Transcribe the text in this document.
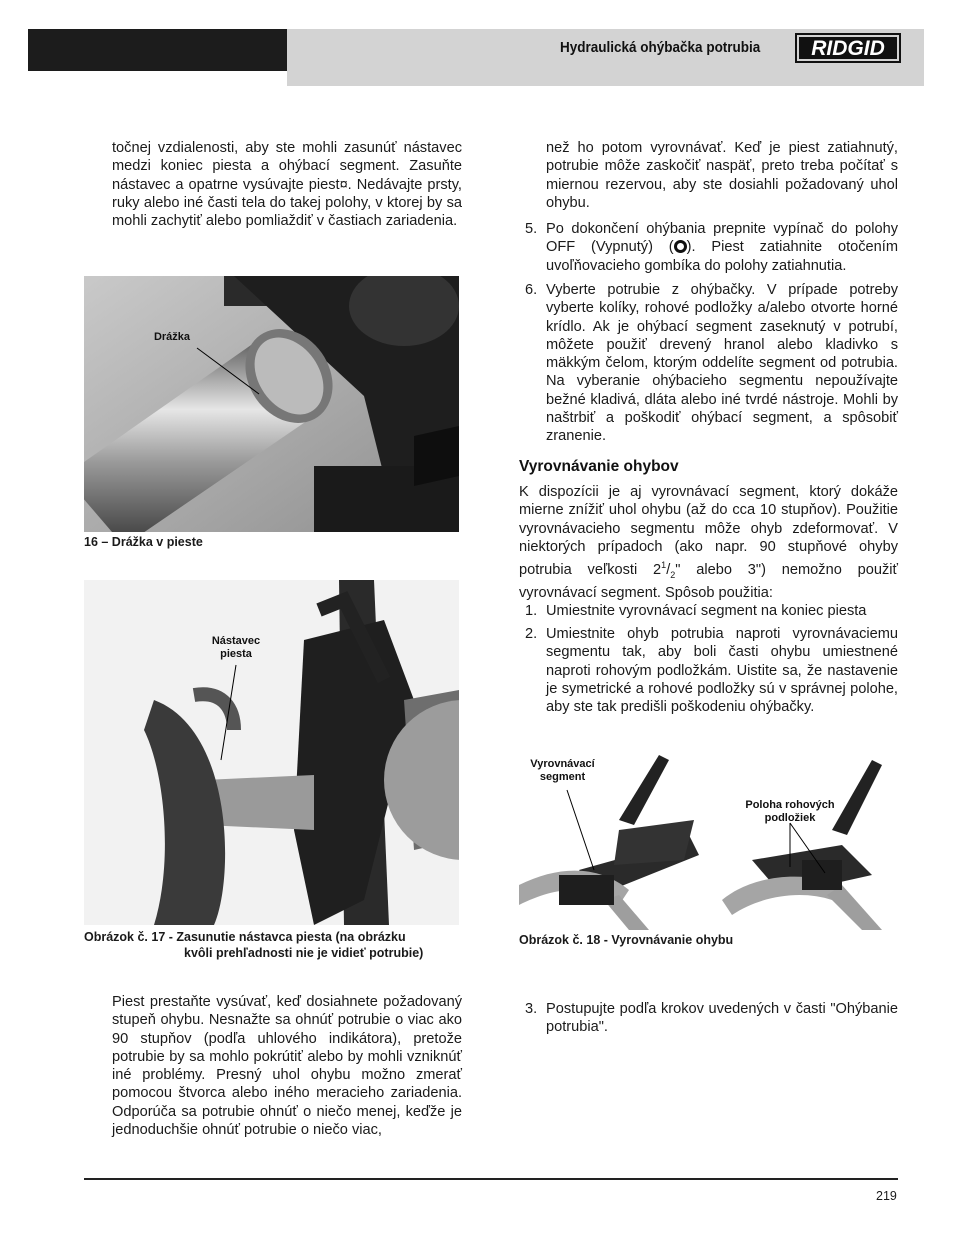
Hydraulická ohýbačka potrubia RIDGID

točnej vzdialenosti, aby ste mohli zasunúť nástavec medzi koniec piesta a ohýbací segment. Zasuňte nástavec a opatrne vysúvajte piest¤. Nedávajte prsty, ruky alebo iné časti tela do takej polohy, v ktorej by sa mohli zachytiť alebo pomliaždiť v častiach zariadenia.

Drážka
16 – Drážka v pieste
Nástavec piesta
Obrázok č. 17 - Zasunutie nástavca piesta (na obrázku
kvôli prehľadnosti nie je vidieť potrubie)

Piest prestaňte vysúvať, keď dosiahnete požadovaný stupeň ohybu. Nesnažte sa ohnúť potrubie o viac ako 90 stupňov (podľa uhlového indikátora), pretože potrubie by sa mohlo pokrútiť alebo by mohli vzniknúť iné problémy. Presný uhol ohybu možno zmerať pomocou štvorca alebo iného meracieho zariadenia. Odporúča sa potrubie ohnúť o niečo menej, keďže je jednoduchšie ohnúť potrubie o niečo viac,

než ho potom vyrovnávať. Keď je piest zatiahnutý, potrubie môže zaskočiť naspäť, preto treba počítať s miernou rezervou, aby ste dosiahli požadovaný uhol ohybu.

5. Po dokončení ohýbania prepnite vypínač do polohy OFF (Vypnutý) ( ). Piest zatiahnite otočením uvoľňovacieho gombíka do polohy zatiahnutia.
6. Vyberte potrubie z ohýbačky. V prípade potreby vyberte kolíky, rohové podložky a/alebo otvorte horné krídlo. Ak je ohýbací segment zaseknutý v potrubí, môžete použiť drevený hranol alebo kladivko s mäkkým čelom, ktorým oddelíte segment od potrubia. Na vyberanie ohýbacieho segmentu nepoužívajte bežné kladivá, dláta alebo iné tvrdé nástroje. Mohli by naštrbiť a poškodiť ohýbací segment, a spôsobiť zranenie.
Vyrovnávanie ohybov

K dispozícii je aj vyrovnávací segment, ktorý dokáže mierne znížiť uhol ohybu (až do cca 10 stupňov). Použitie vyrovnávacieho segmentu môže ohyb zdeformovať. V niektorých prípadoch (ako napr. 90 stupňové ohyby potrubia veľkosti $2^1/_2$" alebo 3") nemožno použiť vyrovnávací segment. Spôsob použitia:

1. Umiestnite vyrovnávací segment na koniec piesta
2. Umiestnite ohyb potrubia naproti vyrovnávaciemu segmentu tak, aby boli časti ohybu umiestnené naproti rohovým podložkám. Uistite sa, že nastavenie je symetrické a rohové podložky sú v správnej polohe, aby ste tak predišli poškodeniu ohýbačky.
Vyrovnávací segment
Poloha rohových podložiek
Obrázok č. 18 - Vyrovnávanie ohybu
3. Postupujte podľa krokov uvedených v časti "Ohýbanie potrubia".
219
